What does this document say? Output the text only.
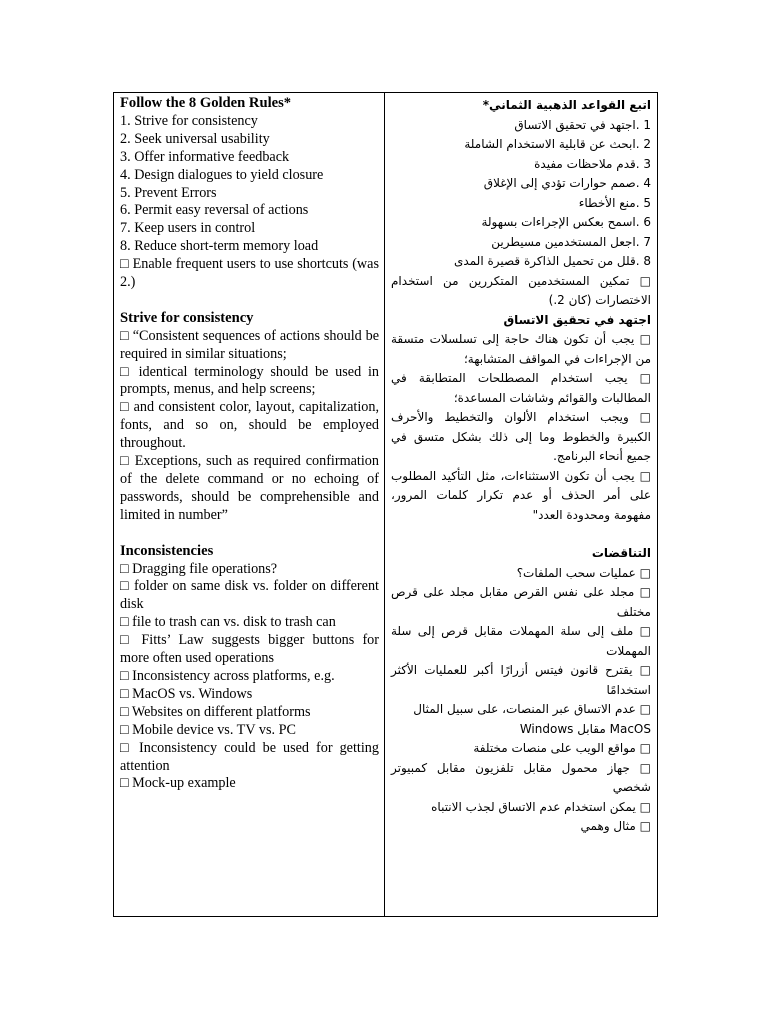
Follow the 8 Golden Rules*

1. Strive for consistency

2. Seek universal usability

3. Offer informative feedback

4. Design dialogues to yield closure

5. Prevent Errors

6. Permit easy reversal of actions

7. Keep users in control

8. Reduce short-term memory load

□ Enable frequent users to use shortcuts (was 2.)

Strive for consistency

□ “Consistent sequences of actions should be required in similar situations;

□ identical terminology should be used in prompts, menus, and help screens;

□ and consistent color, layout, capitalization, fonts, and so on, should be employed throughout.

□ Exceptions, such as required confirmation of the delete command or no echoing of passwords, should be comprehensible and limited in number”

Inconsistencies

□ Dragging file operations?

□ folder on same disk vs. folder on different disk

□ file to trash can vs. disk to trash can

□ Fitts’ Law suggests bigger buttons for more often used operations

□ Inconsistency across platforms, e.g.

□ MacOS vs. Windows

□ Websites on different platforms

□ Mobile device vs. TV vs. PC

□ Inconsistency could be used for getting attention

□ Mock-up example

اتبع القواعد الذهبية الثماني*

1 .اجتهد في تحقيق الاتساق

2 .ابحث عن قابلية الاستخدام الشاملة

3 .قدم ملاحظات مفيدة

4 .صمم حوارات تؤدي إلى الإغلاق

5 .منع الأخطاء

6 .اسمح بعكس الإجراءات بسهولة

7 .اجعل المستخدمين مسيطرين

8 .قلل من تحميل الذاكرة قصيرة المدى

□ تمكين المستخدمين المتكررين من استخدام الاختصارات (كان 2.)

اجتهد في تحقيق الاتساق

□ يجب أن تكون هناك حاجة إلى تسلسلات متسقة من الإجراءات في المواقف المتشابهة؛

□ يجب استخدام المصطلحات المتطابقة في المطالبات والقوائم وشاشات المساعدة؛

□ ويجب استخدام الألوان والتخطيط والأحرف الكبيرة والخطوط وما إلى ذلك بشكل متسق في جميع أنحاء البرنامج.

□ يجب أن تكون الاستثناءات، مثل التأكيد المطلوب على أمر الحذف أو عدم تكرار كلمات المرور، مفهومة ومحدودة العدد"

التناقضات

□ عمليات سحب الملفات؟

□ مجلد على نفس القرص مقابل مجلد على قرص مختلف

□ ملف إلى سلة المهملات مقابل قرص إلى سلة المهملات

□ يقترح قانون فيتس أزرارًا أكبر للعمليات الأكثر استخدامًا

□ عدم الاتساق عبر المنصات، على سبيل المثال

MacOS مقابل Windows

□ مواقع الويب على منصات مختلفة

□ جهاز محمول مقابل تلفزيون مقابل كمبيوتر شخصي

□ يمكن استخدام عدم الاتساق لجذب الانتباه

□ مثال وهمي
